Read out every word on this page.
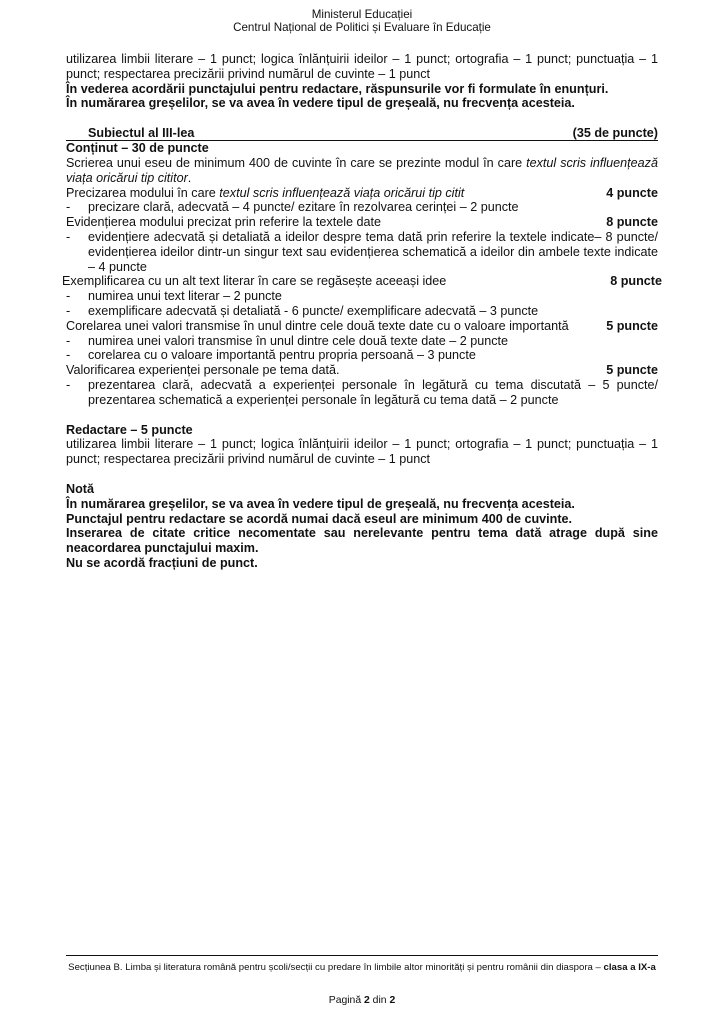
Ministerul Educației
Centrul Național de Politici și Evaluare în Educație
utilizarea limbii literare – 1 punct; logica înlănțuirii ideilor – 1 punct; ortografia – 1 punct; punctuația – 1 punct; respectarea precizării privind numărul de cuvinte – 1 punct
În vederea acordării punctajului pentru redactare, răspunsurile vor fi formulate în enunțuri.
În numărarea greșelilor, se va avea în vedere tipul de greșeală, nu frecvența acesteia.
Subiectul al III-lea	(35 de puncte)
Conținut – 30 de puncte
Scrierea unui eseu de minimum 400 de cuvinte în care se prezinte modul în care textul scris influențează viața oricărui tip cititor.
Precizarea modului în care textul scris influențează viața oricărui tip citit	4 puncte
-	precizare clară, adecvată – 4 puncte/ ezitare în rezolvarea cerinței – 2 puncte
Evidențierea modului precizat prin referire la textele date	8 puncte
-	evidențiere adecvată și detaliată a ideilor despre tema dată prin referire la textele indicate– 8 puncte/ evidențierea ideilor dintr-un singur text sau evidențierea schematică a ideilor din ambele texte indicate – 4 puncte
Exemplificarea cu un alt text literar în care se regăsește aceeași idee	8 puncte
-	numirea unui text literar – 2 puncte
-	exemplificare adecvată și detaliată - 6 puncte/ exemplificare adecvată – 3 puncte
Corelarea unei valori transmise în unul dintre cele două texte date cu o valoare importantă	5 puncte
-	numirea unei valori transmise în unul dintre cele două texte date – 2 puncte
-	corelarea cu o valoare importantă pentru propria persoană – 3 puncte
Valorificarea experienței personale pe tema dată.	5 puncte
-	prezentarea clară, adecvată a experienței personale în legătură cu tema discutată – 5 puncte/ prezentarea schematică a experienței personale în legătură cu tema dată – 2 puncte
Redactare – 5 puncte
utilizarea limbii literare – 1 punct; logica înlănțuirii ideilor – 1 punct; ortografia – 1 punct; punctuația – 1 punct; respectarea precizării privind numărul de cuvinte – 1 punct
Notă
În numărarea greșelilor, se va avea în vedere tipul de greșeală, nu frecvența acesteia.
Punctajul pentru redactare se acordă numai dacă eseul are minimum 400 de cuvinte.
Inserarea de citate critice necomentate sau nerelevante pentru tema dată atrage după sine neacordarea punctajului maxim.
Nu se acordă fracțiuni de punct.
Secțiunea B. Limba și literatura română pentru școli/secții cu predare în limbile altor minorități și pentru românii din diaspora – clasa a IX-a
Pagină 2 din 2
